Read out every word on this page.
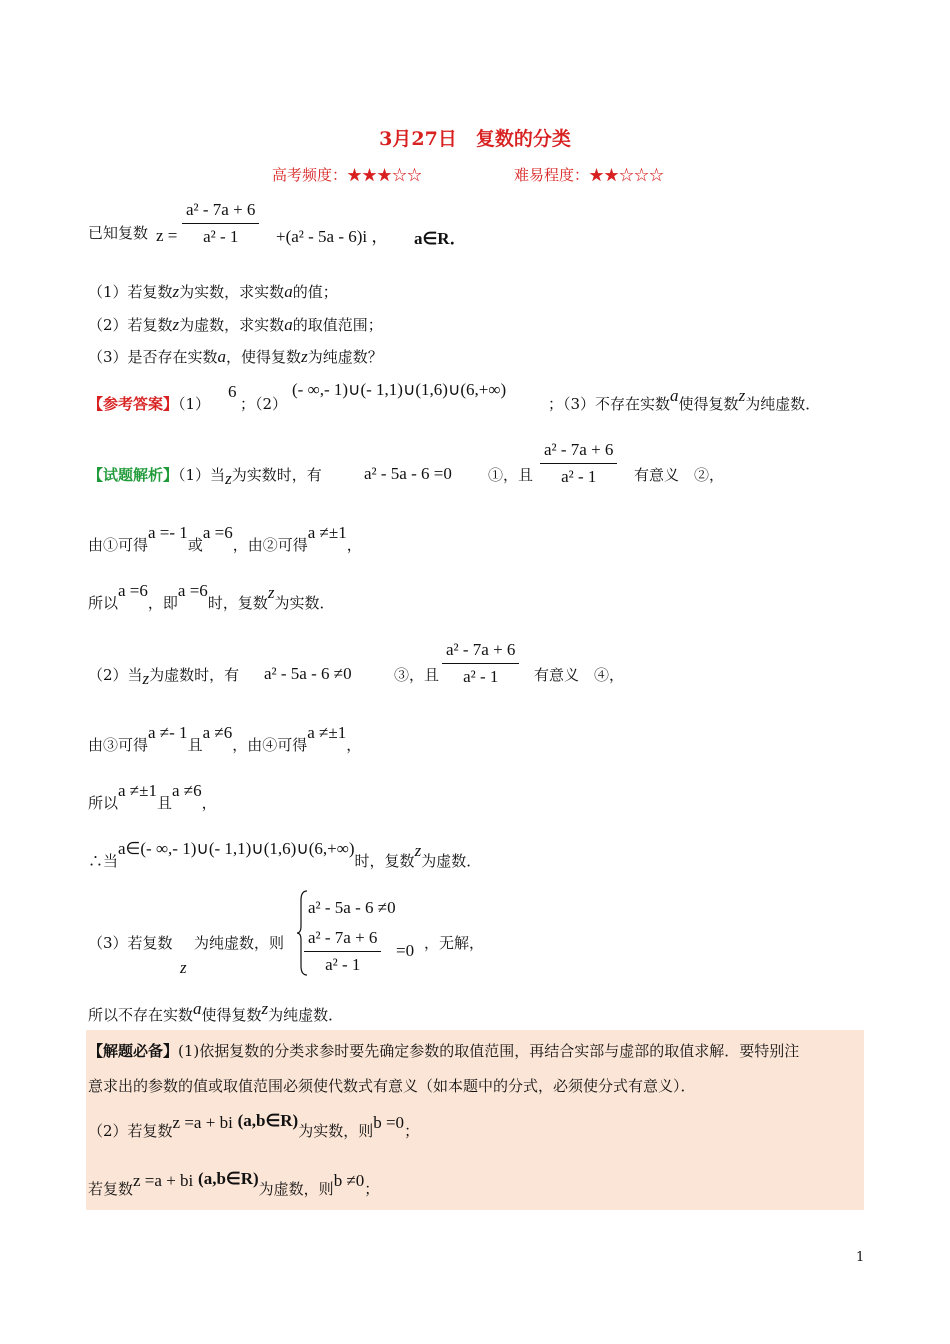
3月27日　复数的分类
高考频度：★★★☆☆	难易程度：★★☆☆☆
已知复数 z =
a² - 7a + 6
a² - 1 +(a² - 5a - 6)i ， a∈R．
（1）若复数z为实数，求实数a的值；
（2）若复数z为虚数，求实数a的取值范围；
（3）是否存在实数a，使得复数z为纯虚数？
【参考答案】（1）
6
；（2）
(- ∞,- 1)∪(- 1,1)∪(1,6)∪(6,+∞)
；（3）不存在实数a使得复数z为纯虚数．
【试题解析】（1）当z为实数时，有 a² - 5a - 6 =0 ①，且
a² - 7a + 6
a² - 1	有意义　②，
由①可得a =- 1或a =6，由②可得a ≠±1，
所以a =6，即a =6时，复数z为实数．
（2）当z为虚数时，有 a² - 5a - 6 ≠0	③，且
a² - 7a + 6
a² - 1 有意义　④，
由③可得a ≠- 1且a ≠6，由④可得a ≠±1，
所以a ≠±1且a ≠6，
∴当a∈(- ∞,- 1)∪(- 1,1)∪(1,6)∪(6,+∞)时，复数z为虚数．
（3）若复数
z
为纯虚数，则
a² - 5a - 6 ≠0
a² - 7a + 6
a² - 1
=0 ，无解，
所以不存在实数a使得复数z为纯虚数．
【解题必备】(1)依据复数的分类求参时要先确定参数的取值范围，再结合实部与虚部的取值求解．要特别注
意求出的参数的值或取值范围必须使代数式有意义（如本题中的分式，必须使分式有意义）．
（2）若复数z =a + bi (a,b∈R)为实数，则b =0；
若复数z =a + bi (a,b∈R)为虚数，则b ≠0；
1
